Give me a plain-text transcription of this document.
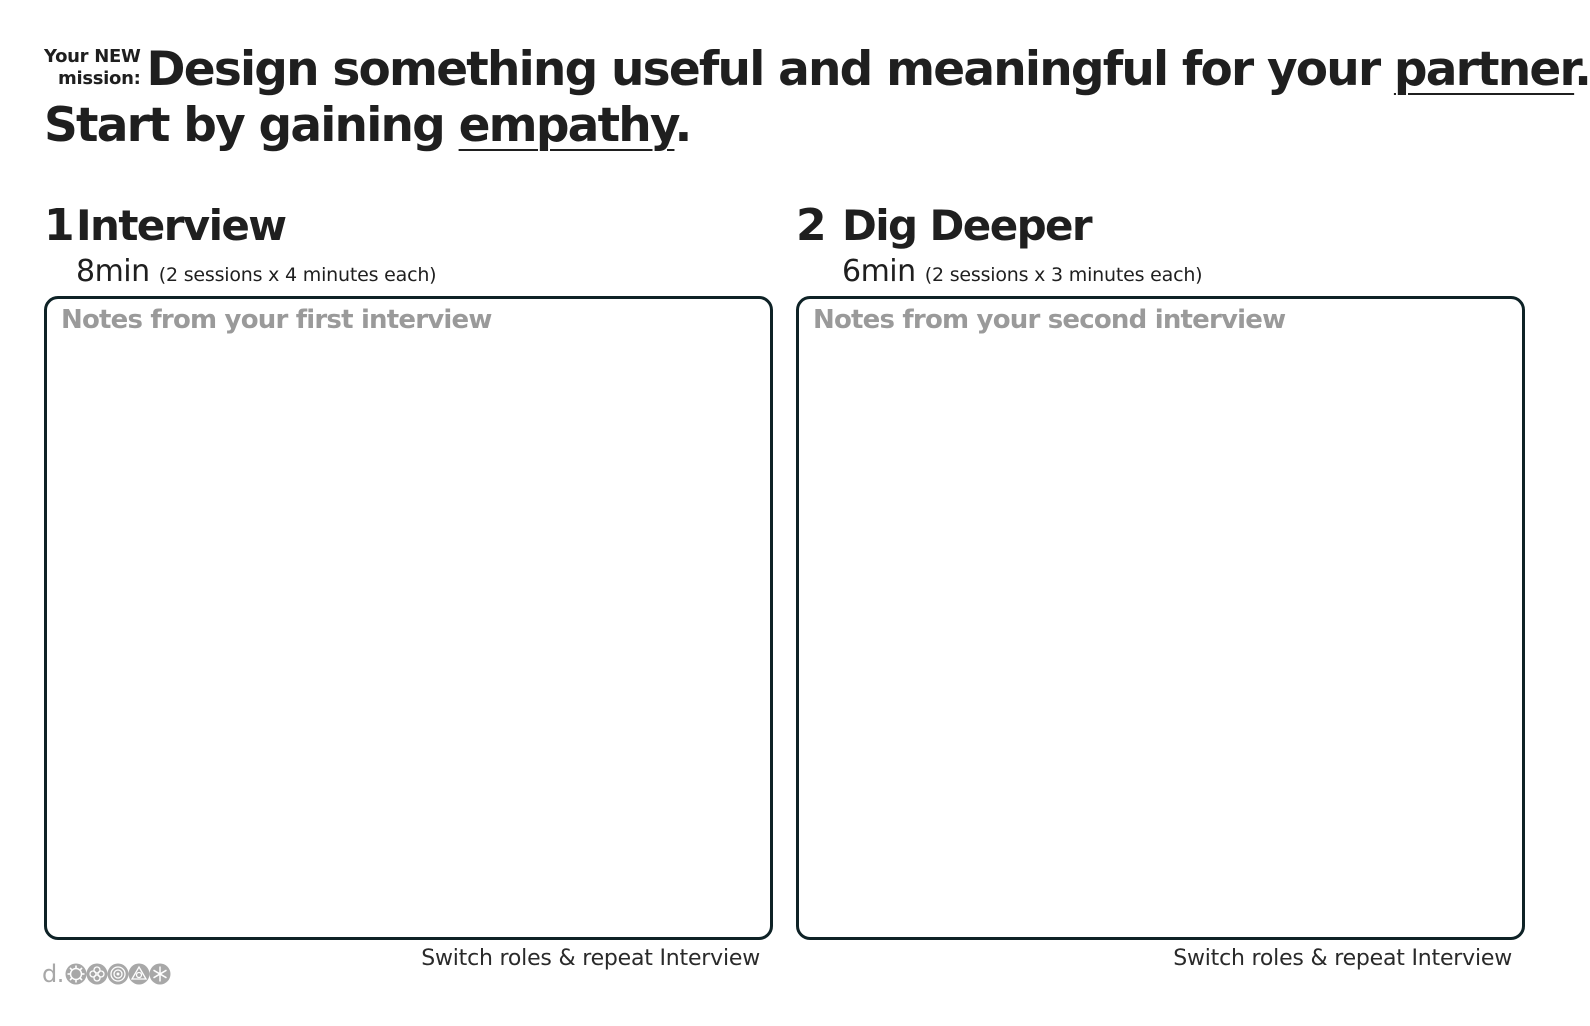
Your NEW
mission: Design something useful and meaningful for your partner.
Start by gaining empathy.
1 Interview
8min (2 sessions x 4 minutes each)
Notes from your first interview
Switch roles & repeat Interview
2 Dig Deeper
6min (2 sessions x 3 minutes each)
Notes from your second interview
Switch roles & repeat Interview
d.
